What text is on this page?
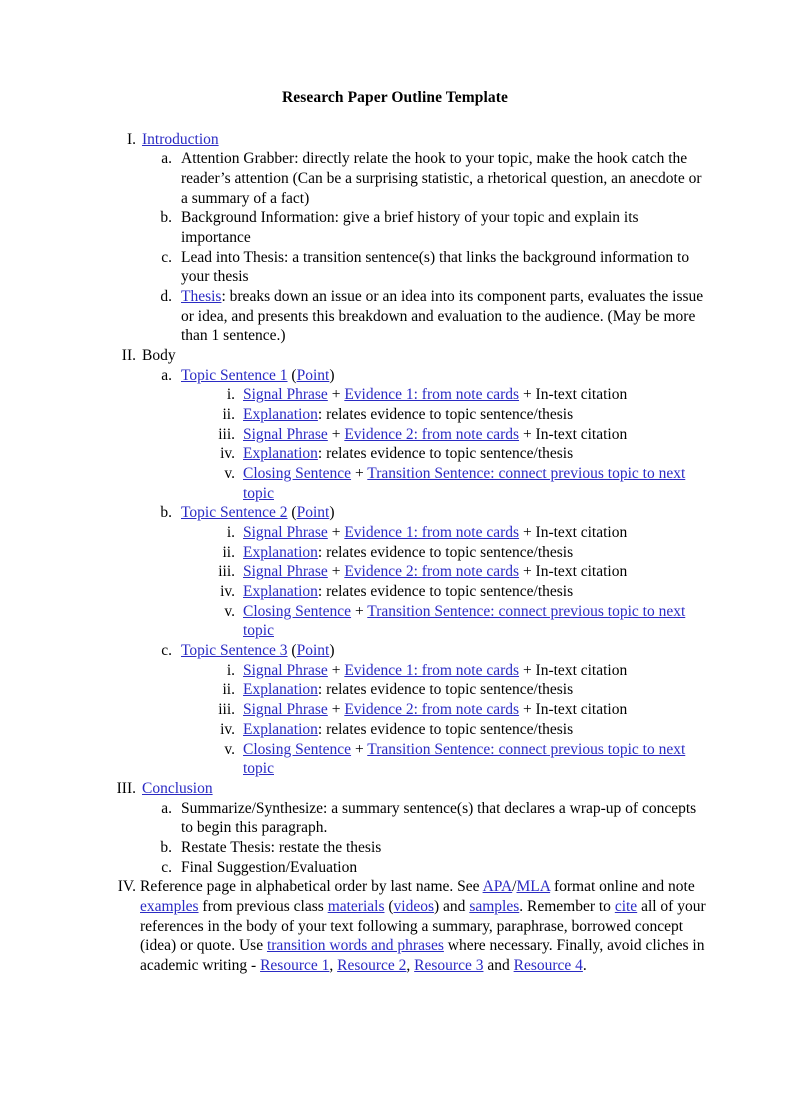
Research Paper Outline Template
I. Introduction
a. Attention Grabber: directly relate the hook to your topic, make the hook catch the reader’s attention (Can be a surprising statistic, a rhetorical question, an anecdote or a summary of a fact)
b. Background Information: give a brief history of your topic and explain its importance
c. Lead into Thesis: a transition sentence(s) that links the background information to your thesis
d. Thesis: breaks down an issue or an idea into its component parts, evaluates the issue or idea, and presents this breakdown and evaluation to the audience. (May be more than 1 sentence.)
II. Body
a. Topic Sentence 1 (Point)
i. Signal Phrase + Evidence 1: from note cards + In-text citation
ii. Explanation: relates evidence to topic sentence/thesis
iii. Signal Phrase + Evidence 2: from note cards + In-text citation
iv. Explanation: relates evidence to topic sentence/thesis
v. Closing Sentence + Transition Sentence: connect previous topic to next topic
b. Topic Sentence 2 (Point)
i. Signal Phrase + Evidence 1: from note cards + In-text citation
ii. Explanation: relates evidence to topic sentence/thesis
iii. Signal Phrase + Evidence 2: from note cards + In-text citation
iv. Explanation: relates evidence to topic sentence/thesis
v. Closing Sentence + Transition Sentence: connect previous topic to next topic
c. Topic Sentence 3 (Point)
i. Signal Phrase + Evidence 1: from note cards + In-text citation
ii. Explanation: relates evidence to topic sentence/thesis
iii. Signal Phrase + Evidence 2: from note cards + In-text citation
iv. Explanation: relates evidence to topic sentence/thesis
v. Closing Sentence + Transition Sentence: connect previous topic to next topic
III. Conclusion
a. Summarize/Synthesize: a summary sentence(s) that declares a wrap-up of concepts to begin this paragraph.
b. Restate Thesis: restate the thesis
c. Final Suggestion/Evaluation
IV. Reference page in alphabetical order by last name. See APA/MLA format online and note examples from previous class materials (videos) and samples. Remember to cite all of your references in the body of your text following a summary, paraphrase, borrowed concept (idea) or quote. Use transition words and phrases where necessary. Finally, avoid cliches in academic writing - Resource 1, Resource 2, Resource 3 and Resource 4.
